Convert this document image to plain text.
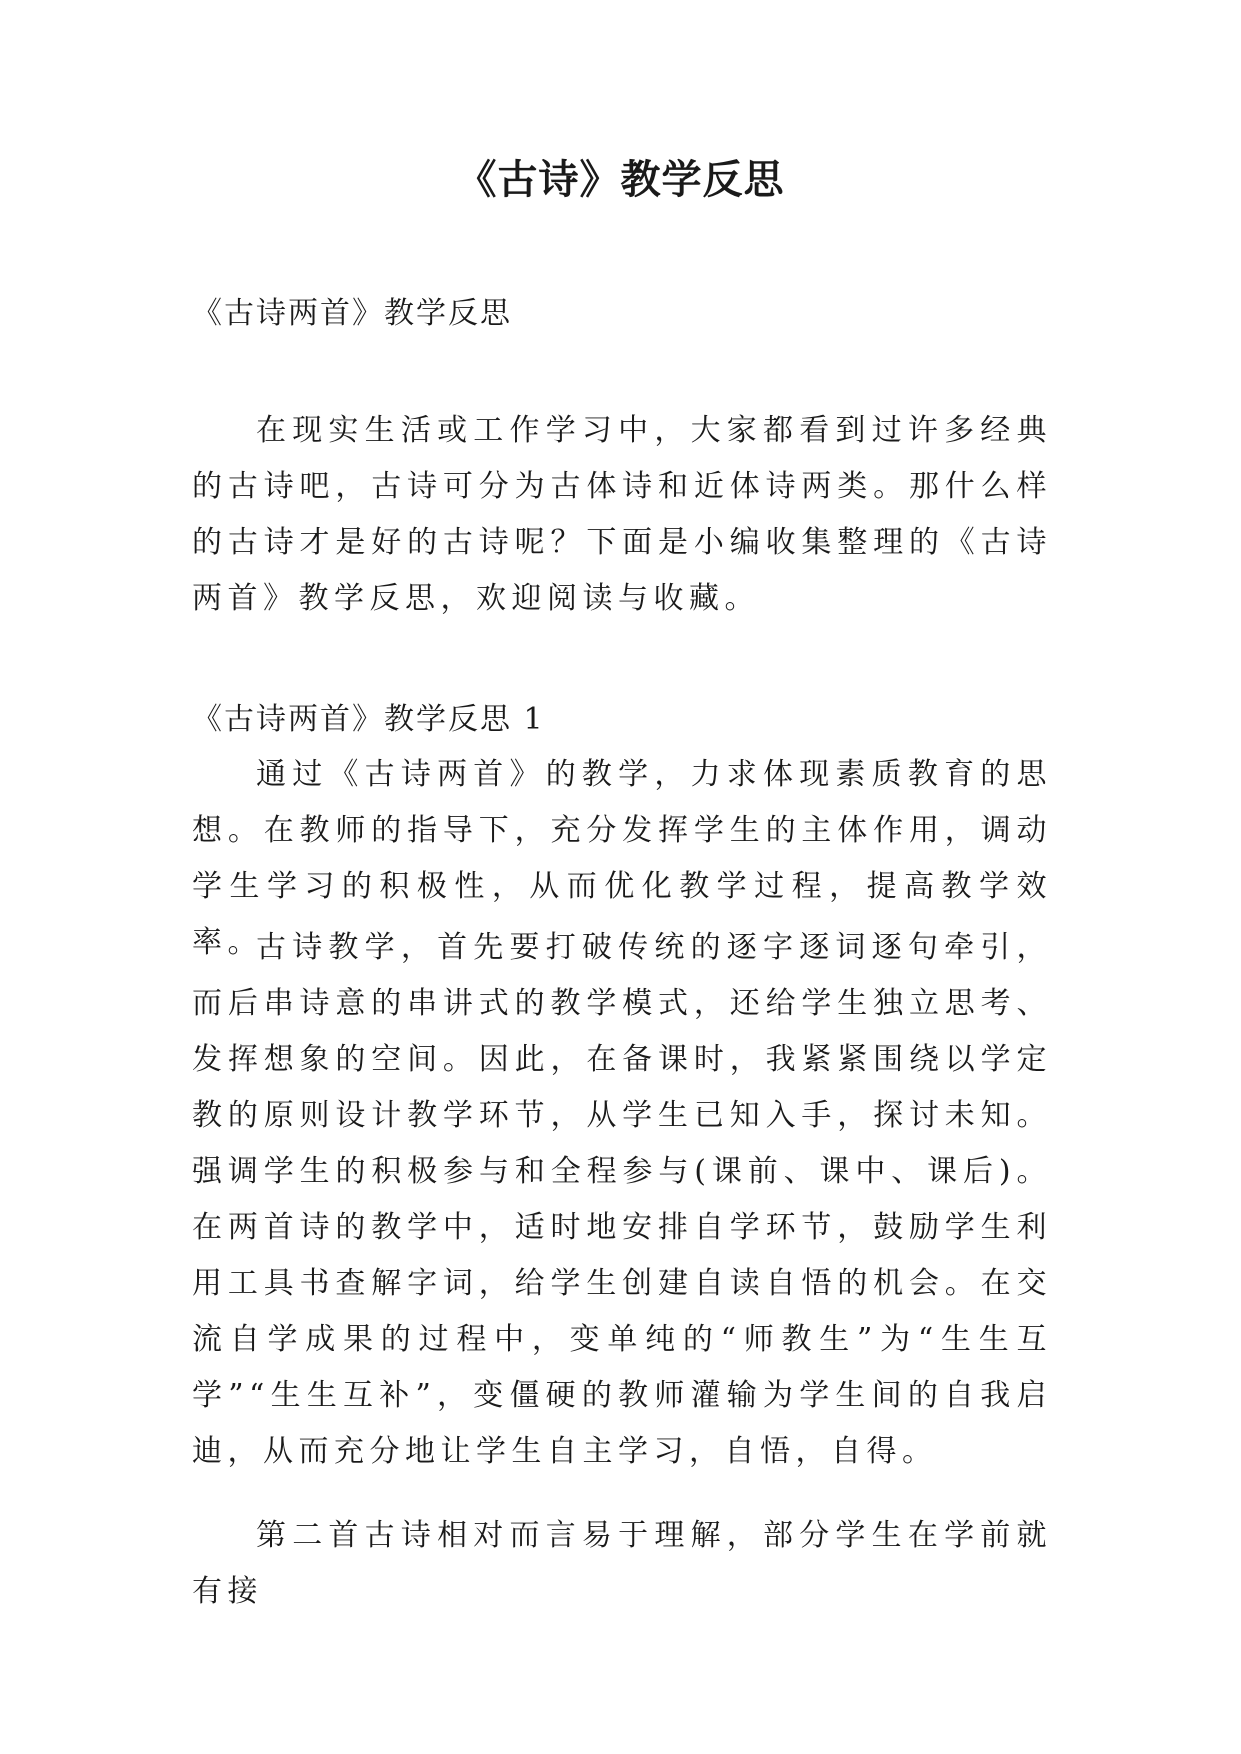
《古诗》教学反思

《古诗两首》教学反思

在现实生活或工作学习中，大家都看到过许多经典的古诗吧，古诗可分为古体诗和近体诗两类。那什么样的古诗才是好的古诗呢？下面是小编收集整理的《古诗两首》教学反思，欢迎阅读与收藏。

《古诗两首》教学反思 1

通过《古诗两首》的教学，力求体现素质教育的思想。在教师的指导下，充分发挥学生的主体作用，调动学生学习的积极性，从而优化教学过程，提高教学效率。

古诗教学，首先要打破传统的逐字逐词逐句牵引，而后串诗意的串讲式的教学模式，还给学生独立思考、发挥想象的空间。因此，在备课时，我紧紧围绕以学定教的原则设计教学环节，从学生已知入手，探讨未知。强调学生的积极参与和全程参与(课前、课中、课后)。在两首诗的教学中，适时地安排自学环节，鼓励学生利用工具书查解字词，给学生创建自读自悟的机会。在交流自学成果的过程中，变单纯的“师教生”为“生生互学”“生生互补”，变僵硬的教师灌输为学生间的自我启迪，从而充分地让学生自主学习，自悟，自得。

第二首古诗相对而言易于理解，部分学生在学前就有接
